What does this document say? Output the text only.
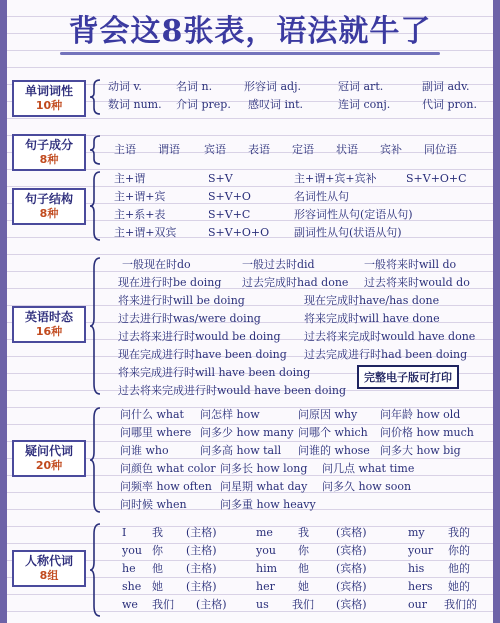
背会这8张表，语法就牛了
单词词性
10种
动词 v.	名词 n.	形容词 adj.	冠词 art.	副词 adv.
数词 num. 介词 prep. 感叹词 int.	连词 conj.	代词 pron.
句子成分
8种
主语 谓语 宾语 表语 定语 状语 宾补 同位语
句子结构
8种
主+谓	S+V	主+谓+宾+宾补	S+V+O+C
主+谓+宾	S+V+O	名词性从句
主+系+表	S+V+C	形容词性从句(定语从句)
主+谓+双宾	S+V+O+O 副词性从句(状语从句)
英语时态
16种
一般现在时do	一般过去时did	一般将来时will do
现在进行时be doing 过去完成时had done 过去将来时would do
将来进行时will be doing	现在完成时have/has done
过去进行时was/were doing	将来完成时will have done
过去将来进行时would be doing 过去将来完成时would have done
现在完成进行时have been doing 过去完成进行时had been doing
将来完成进行时will have been doing
过去将来完成进行时would have been doing
完整电子版可打印
疑问代词
20种
问什么 what 问怎样 how	问原因 why 问年龄 how old
问哪里 where 问多少 how many 问哪个 which 问价格 how much
问谁 who	问多高 how tall 问谁的 whose 问多大 how big
问颜色 what color 问多长 how long 问几点 what time
问频率 how often 问星期 what day 问多久 how soon
问时候 when	问多重 how heavy
人称代词
8组
I 我 (主格)	me 我 (宾格)	my 我的
you 你 (主格)	you 你 (宾格)	your 你的
he 他 (主格)	him 他 (宾格)	his 他的
she 她 (主格)	her 她 (宾格)	hers 她的
we 我们 (主格)	us 我们 (宾格)	our 我们的
